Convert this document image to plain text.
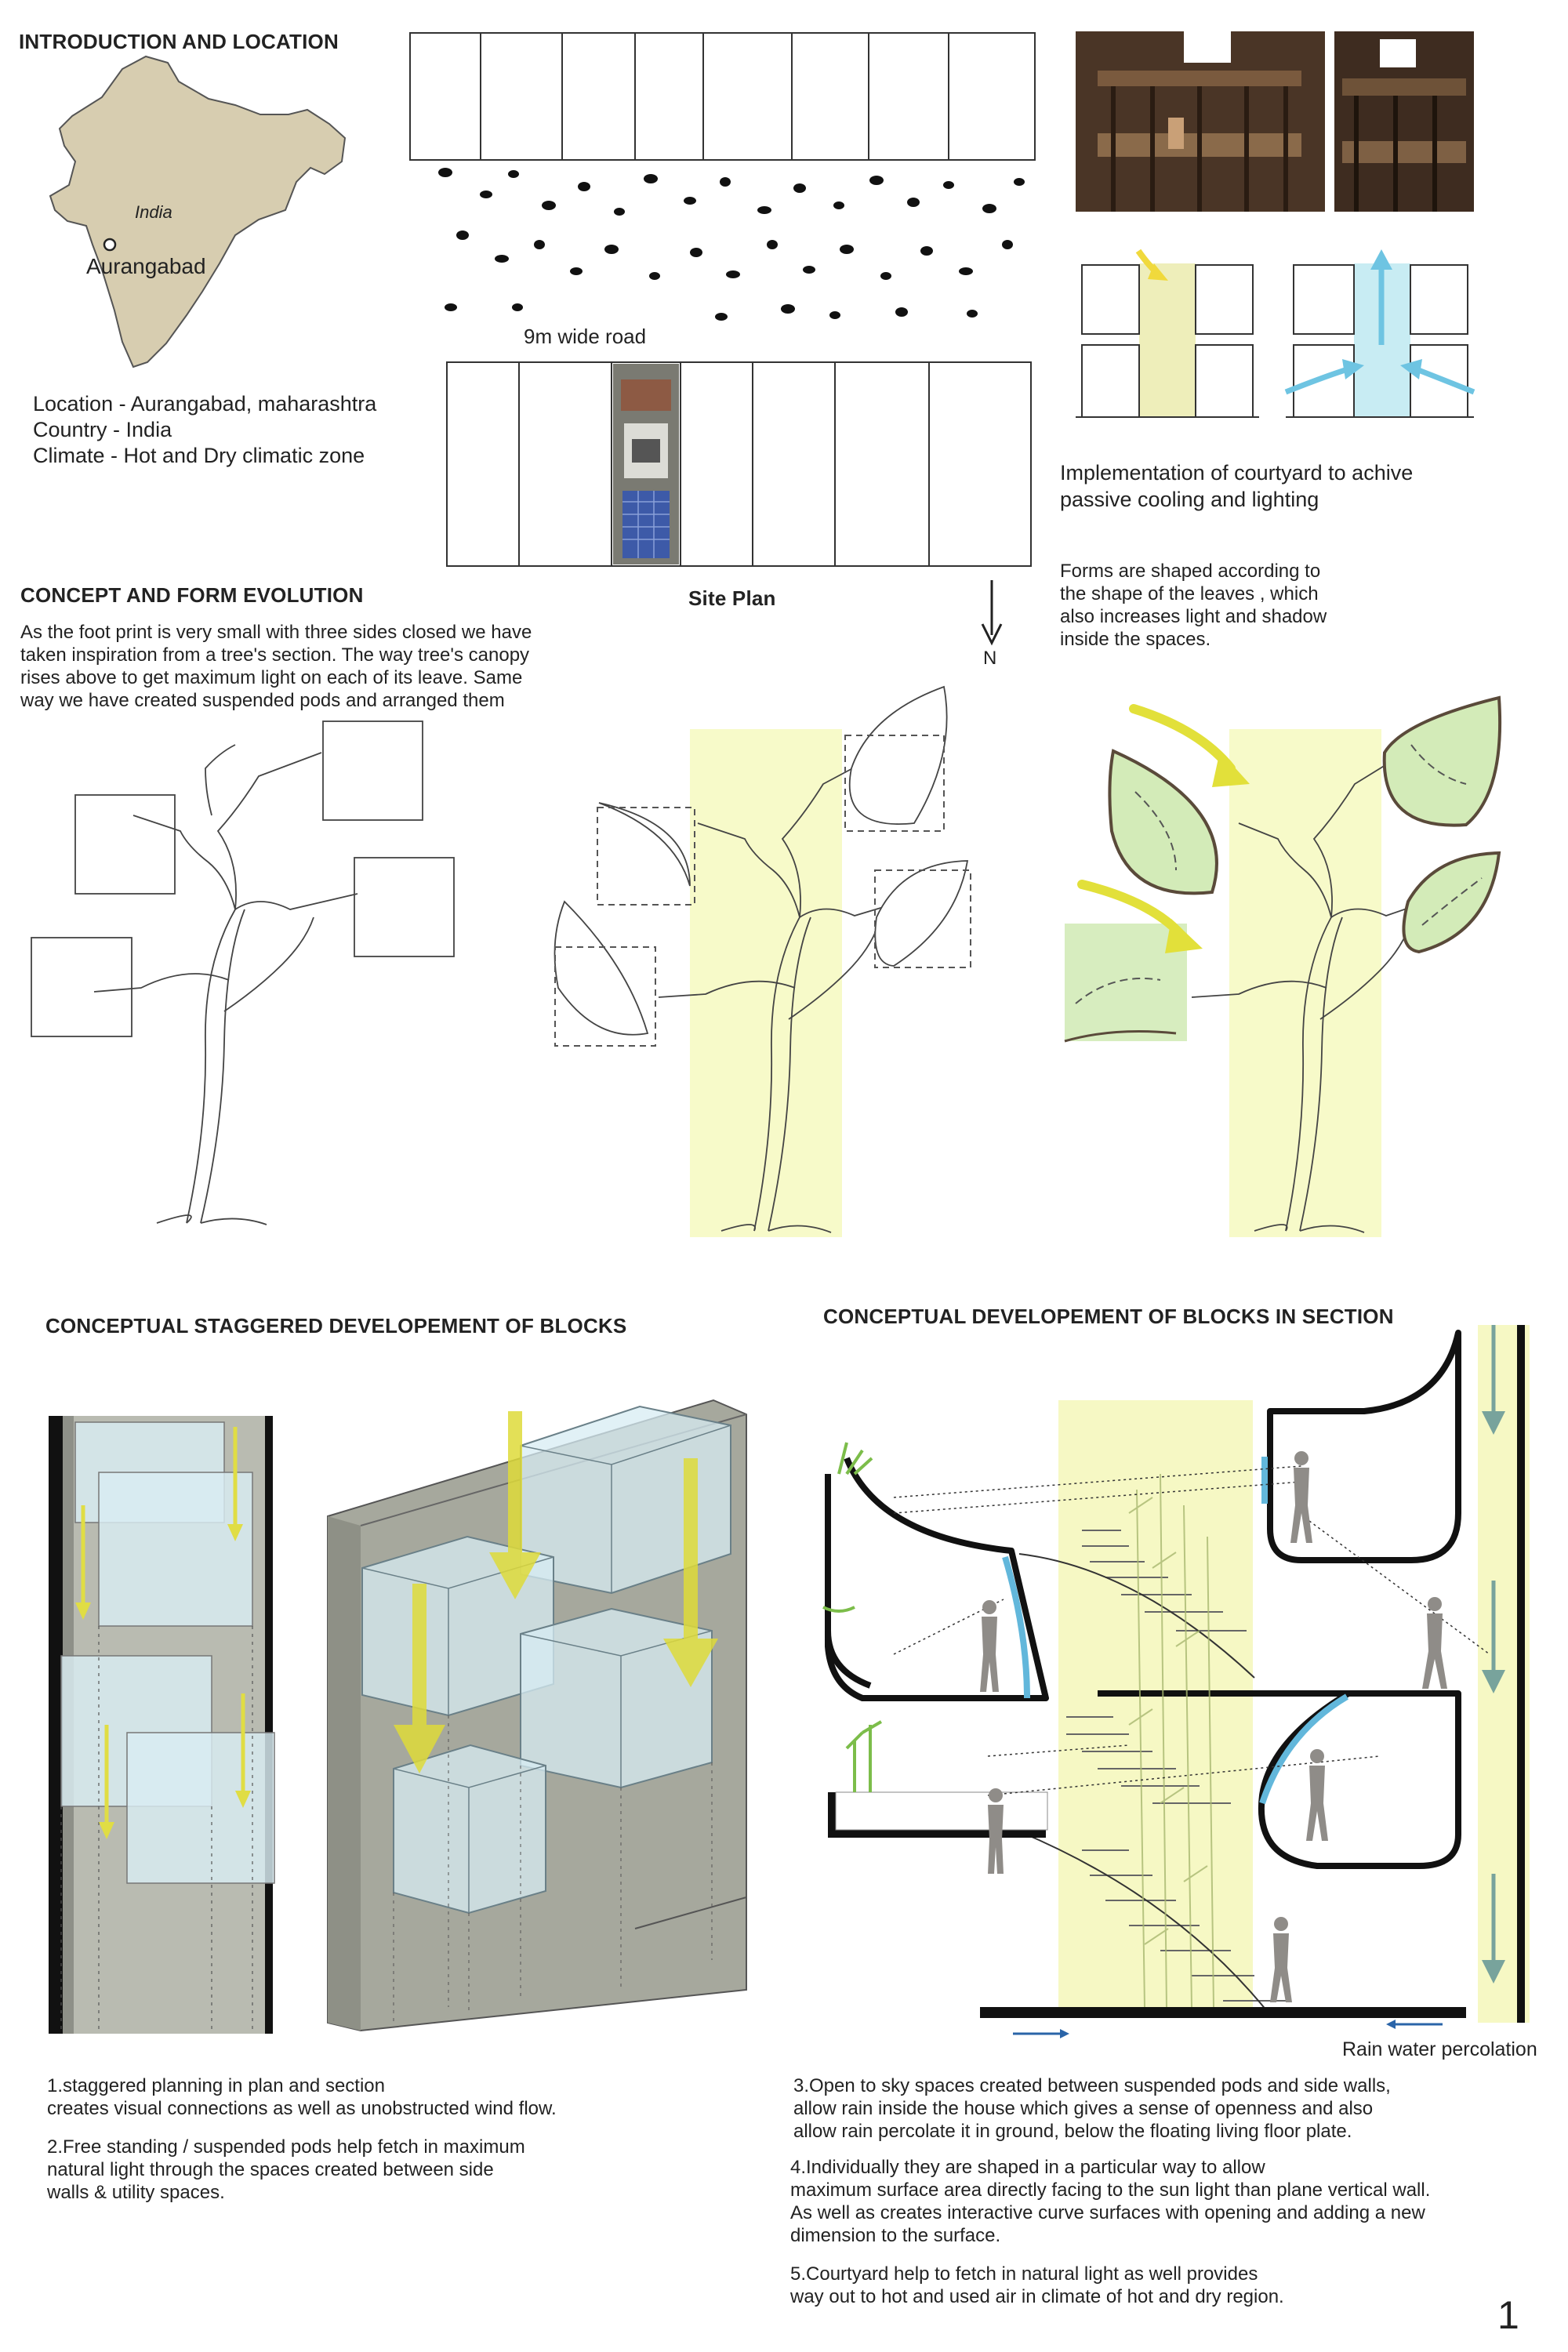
INTRODUCTION AND LOCATION

India

Aurangabad

Location - Aurangabad, maharashtra

Country - India

Climate - Hot and Dry climatic zone

9m wide road

Site Plan

N

Implementation of courtyard to achive
passive cooling and lighting

Forms are shaped according to
the shape of the leaves , which
also increases light and shadow
inside the spaces.

CONCEPT AND FORM EVOLUTION

As the foot print is very small with three sides closed we have
taken inspiration from a tree's section. The way tree's canopy
rises above to get maximum light on each of its leave. Same
way we have created suspended pods and arranged them

CONCEPTUAL STAGGERED DEVELOPEMENT OF BLOCKS

1.staggered planning in plan and section
creates visual connections as well as unobstructed wind flow.

2.Free standing / suspended pods help fetch in maximum
natural light through the spaces created between side
walls & utility spaces.

CONCEPTUAL DEVELOPEMENT OF BLOCKS IN SECTION

Rain water percolation

3.Open to sky spaces created between suspended pods and side walls,
allow rain inside the house which gives a sense of openness and also
allow rain percolate it in ground, below the floating living floor plate.

4.Individually they are shaped in a particular way to allow
maximum surface area directly facing to the sun light than plane vertical wall.
As well as creates interactive curve surfaces with opening and adding a new
dimension to the surface.

5.Courtyard help to fetch in natural light as well provides
way out to hot and used air in climate of hot and dry region.	1
